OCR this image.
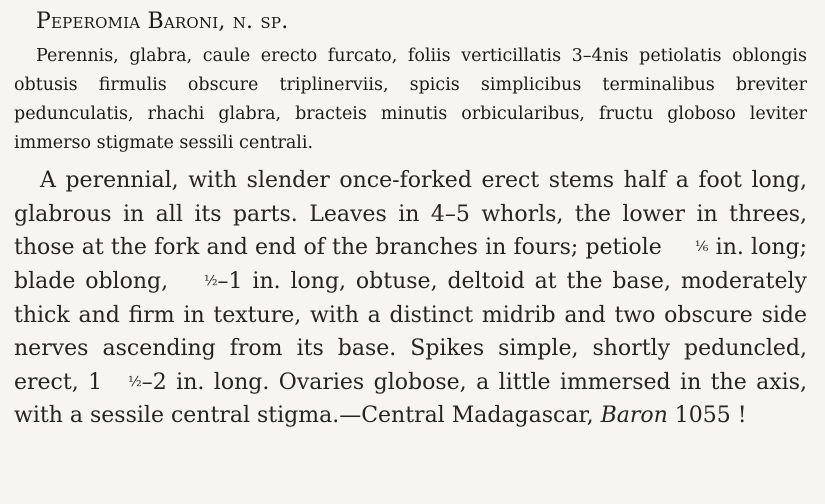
Peperomia Baroni, n. sp.

Perennis, glabra, caule erecto furcato, foliis verticillatis 3–4nis petiolatis oblongis obtusis firmulis obscure triplinerviis, spicis simplicibus terminalibus breviter pedunculatis, rhachi glabra, bracteis minutis orbicularibus, fructu globoso leviter immerso stigmate sessili centrali.

A perennial, with slender once-forked erect stems half a foot long, glabrous in all its parts. Leaves in 4–5 whorls, the lower in threes, those at the fork and end of the branches in fours; petiole ⅙ in. long; blade oblong, ½–1 in. long, obtuse, deltoid at the base, moderately thick and firm in texture, with a distinct midrib and two obscure side nerves ascending from its base. Spikes simple, shortly peduncled, erect, 1 ½–2 in. long. Ovaries globose, a little immersed in the axis, with a sessile central stigma.—Central Madagascar, Baron 1055 !
